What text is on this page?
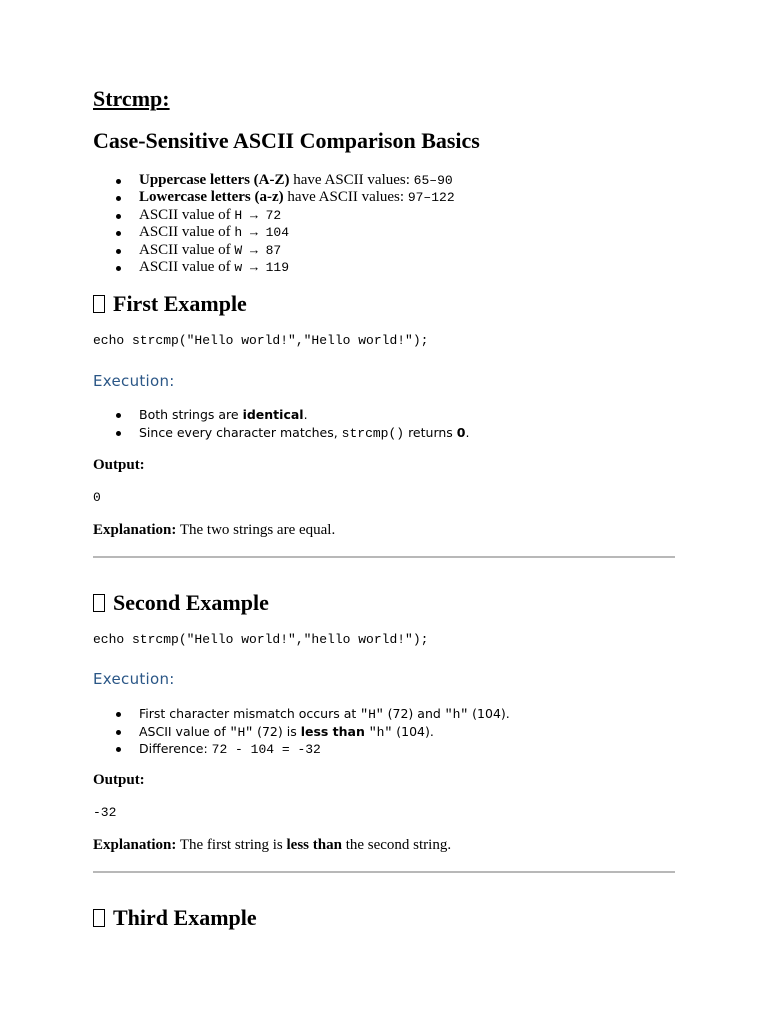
Strcmp:
Case-Sensitive ASCII Comparison Basics
Uppercase letters (A-Z) have ASCII values: 65–90
Lowercase letters (a-z) have ASCII values: 97–122
ASCII value of H → 72
ASCII value of h → 104
ASCII value of W → 87
ASCII value of w → 119
First Example
echo strcmp("Hello world!","Hello world!");
Execution:
Both strings are identical.
Since every character matches, strcmp() returns 0.
Output:
0
Explanation: The two strings are equal.
Second Example
echo strcmp("Hello world!","hello world!");
Execution:
First character mismatch occurs at "H" (72) and "h" (104).
ASCII value of "H" (72) is less than "h" (104).
Difference: 72 - 104 = -32
Output:
-32
Explanation: The first string is less than the second string.
Third Example
